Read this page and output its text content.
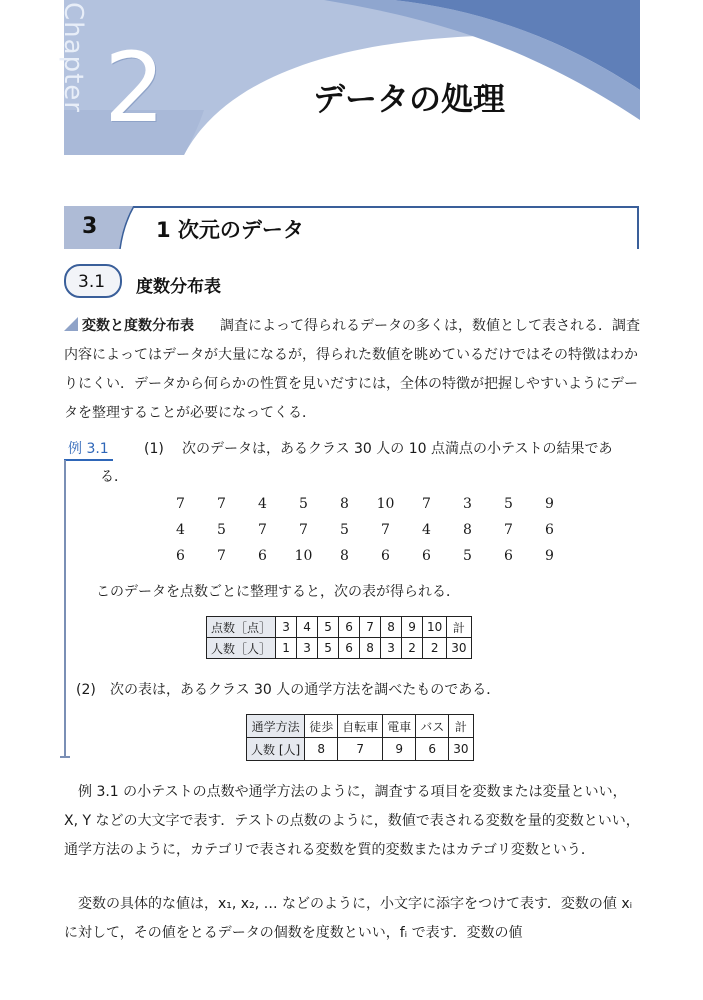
Chapter 2	データの処理
3	1 次元のデータ
3.1 度数分布表

変数と度数分布表 調査によって得られるデータの多くは，数値として表される．調査内容によってはデータが大量になるが，得られた数値を眺めているだけではその特徴はわかりにくい．データから何らかの性質を見いだすには，全体の特徴が把握しやすいようにデータを整理することが必要になってくる．

例 3.1	(1)	次のデータは，あるクラス 30 人の 10 点満点の小テストの結果である．
7	7	4	5	8	10	7	3	5	9
4	5	7	7	5	7	4	8	7	6
6	7	6	10	8	6	6	5	6	9
このデータを点数ごとに整理すると，次の表が得られる．
点数［点］	3	4	5	6	7	8	9	10	計
人数［人］	1	3	5	6	8	3	2	2	30
(2) 次の表は，あるクラス 30 人の通学方法を調べたものである．
通学方法	徒歩	自転車	電車	バス	計
人数 [人]	8	7	9	6	30

例 3.1 の小テストの点数や通学方法のように，調査する項目を変数または変量といい，X, Y などの大文字で表す．テストの点数のように，数値で表される変数を量的変数といい，通学方法のように，カテゴリで表される変数を質的変数またはカテゴリ変数という．

変数の具体的な値は，x₁, x₂, … などのように，小文字に添字をつけて表す．変数の値 xᵢ に対して，その値をとるデータの個数を度数といい，fᵢ で表す．変数の値
